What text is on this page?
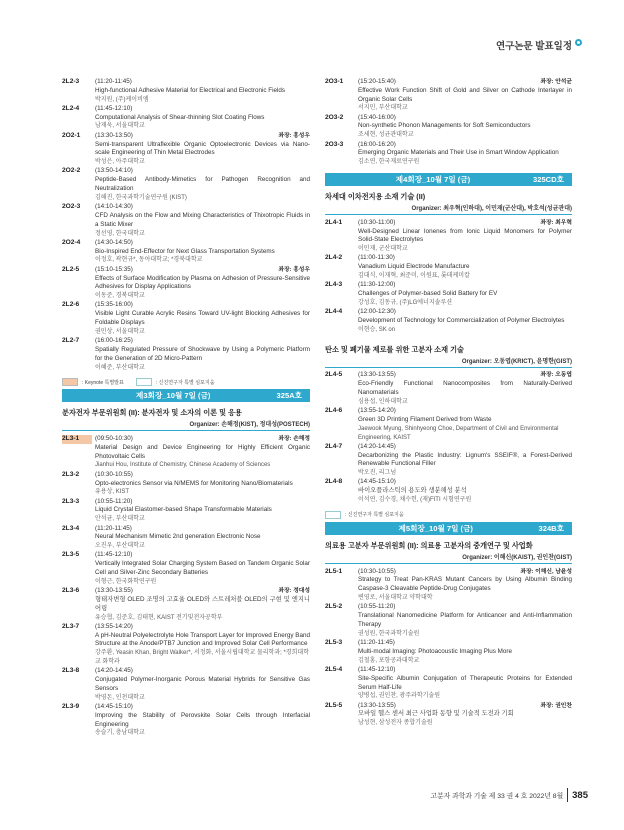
연구논문 발표일정
2L2-3	(11:20-11:45)
High-functional Adhesive Material for Electrical and Electronic Fields
박지원, (주)케이비엠
2L2-4	(11:45-12:10)
Computational Analysis of Shear-thinning Slot Coating Flows
남재욱, 서울대학교
2O2-1	좌장: 홍성우
(13:30-13:50)
Semi-transparent Ultraflexible Organic Optoelectronic Devices via Nano-scale Engineering of Thin Metal Electrodes
박성은, 아주대학교
2O2-2	(13:50-14:10)
Peptide-Based Antibody-Mimetics for Pathogen Recognition and Neutralization
김해진, 한국과학기술연구원 (KIST)
2O2-3	(14:10-14:30)
CFD Analysis on the Flow and Mixing Characteristics of Thixotropic Fluids in a Static Mixer
정선영, 한국대학교
2O2-4	(14:30-14:50)
Bio-Inspired End-Effector for Next Glass Transportation Systems
이정호, 곽현규*, 동아대학교; *경북대학교
2L2-5	좌장: 홍성우
(15:10-15:35)
Effects of Surface Modification by Plasma on Adhesion of Pressure-Sensitive Adhesives for Display Applications
이동준, 경북대학교
2L2-6	(15:35-16:00)
Visible Light Curable Acrylic Resins Toward UV-light Blocking Adhesives for Foldable Displays
권민상, 서울대학교
2L2-7	(16:00-16:25)
Spatially Regulated Pressure of Shockwave by Using a Polymeric Platform for the Generation of 2D Micro-Pattern
이혜준, 부산대학교
: Keynote 특별발표	: 신진연구자 특별 심포지움
제3회장_10월 7일 (금)	325A호
분자전자 부문위원회 (II): 분자전자 및 소자의 이론 및 응용
Organizer: 손해정(KIST), 정대성(POSTECH)
2L3-1	좌장: 손해정
(09:50-10:30)
Material Design and Device Engineering for Highly Efficient Organic Photovoltaic Cells
Jianhui Hou, Institute of Chemistry, Chinese Academy of Sciences
2L3-2	(10:30-10:55)
Opto-electronics Sensor via N/MEMS for Monitoring Nano/Biomaterials
유용상, KIST
2L3-3	(10:55-11:20)
Liquid Crystal Elastomer-based Shape Transformable Materials
안석균, 부산대학교
2L3-4	(11:20-11:45)
Neural Mechanism Mimetic 2nd generation Electronic Nose
오진우, 부산대학교
2L3-5	(11:45-12:10)
Vertically Integrated Solar Charging System Based on Tandem Organic Solar Cell and Silver-Zinc Secondary Batteries
이형근, 한국화학연구원
2L3-6	좌장: 정대성
(13:30-13:55)
형태자변형 OLED 조명의 고효율 OLED와 스트레처블 OLED의 구현 및 엔지니어링
유승협, 김준호, 김태현, KAIST 전기및전자공학부
2L3-7	(13:55-14:20)
A pH-Neutral Polyelectrolyte Hole Transport Layer for Improved Energy Band Structure at the Anode/PTB7 Junction and Improved Solar Cell Performance
강주환, Yeasin Khan, Bright Walker*, 서정화, 서울시립대학교 물리학과; *경희대학교 화학과
2L3-8	(14:20-14:45)
Conjugated Polymer-Inorganic Porous Material Hybrids for Sensitive Gas Sensors
박영돈, 인천대학교
2L3-9	(14:45-15:10)
Improving the Stability of Perovskite Solar Cells through Interfacial Engineering
송슬기, 충남대학교
2O3-1	좌장: 안석균
(15:20-15:40)
Effective Work Function Shift of Gold and Silver on Cathode Interlayer in Organic Solar Cells
서지민, 부산대학교
2O3-2	(15:40-16:00)
Non-synthetic Phonon Managements for Soft Semiconductors
조세현, 성균관대학교
2O3-3	(16:00-16:20)
Emerging Organic Materials and Their Use in Smart Window Application
김소연, 한국재료연구원
제4회장_10월 7일 (금)	325CD호
차세대 이차전지용 소재 기술 (II)
Organizer: 최우혁(인하대), 이민재(군산대), 박호석(성균관대)
2L4-1	좌장: 최우혁
(10:30-11:00)
Well-Designed Linear Ionenes from Ionic Liquid Monomers for Polymer Solid-State Electrolytes
이민재, 군산대학교
2L4-2	(11:00-11:30)
Vanadium Liquid Electrode Manufacture
김대식, 이재혁, 최준미, 이원표, 롯데케미칼
2L4-3	(11:30-12:00)
Challenges of Polymer-based Solid Battery for EV
강성호, 김동규, (주)LG에너지솔루션
2L4-4	(12:00-12:30)
Development of Technology for Commercialization of Polymer Electrolytes
이현승, SK on
탄소 및 폐기물 제로를 위한 고분자 소재 기술
Organizer: 오동엽(KRICT), 윤명한(GIST)
2L4-5	좌장: 오동엽
(13:30-13:55)
Eco-Friendly Functional Nanocomposites from Naturally-Derived Nanomaterials
심용섭, 인하대학교
2L4-6	(13:55-14:20)
Green 3D Printing Filament Derived from Waste
Jaewook Myung, Shinhyeong Choe, Department of Civil and Environmental Engineering, KAIST
2L4-7	(14:20-14:45)
Decarbonizing the Plastic Industry: Lignum's SSEIF®, a Forest-Derived Renewable Functional Filler
박오진, 리그넘
2L4-8	(14:45-15:10)
바이오플라스틱의 용도와 생분해성 분석
이석연, 김수경, 채수헌, (재)FITI 시험연구원
: 신진연구자 특별 심포지움
제5회장_10월 7일 (금)	324B호
의료용 고분자 부문위원회 (II): 의료용 고분자의 중개연구 및 사업화
Organizer: 이해신(KAIST), 권인찬(GIST)
2L5-1	좌장: 이해신, 남윤성
(10:30-10:55)
Strategy to Treat Pan-KRAS Mutant Cancers by Using Albumin Binding Caspase-3 Cleavable Peptide-Drug Conjugates
변영로, 서울대학교 약학대학
2L5-2	(10:55-11:20)
Translational Nanomedicine Platform for Anticancer and Anti-Inflammation Therapy
권성원, 한국과학기술원
2L5-3	(11:20-11:45)
Multi-modal Imaging: Photoacoustic Imaging Plus More
김철홍, 포항공과대학교
2L5-4	(11:45-12:10)
Site-Specific Albumin Conjugation of Therapeutic Proteins for Extended Serum Half-Life
양병섭, 권인찬, 광주과학기술원
2L5-5	좌장: 권인찬
(13:30-13:55)
모바일 헬스 센서 최근 사업화 동향 및 기술적 도전과 기회
남성현, 삼성전자 종합기술원
고분자 과학과 기술 제 33 권 4 호 2022년 8월 385
